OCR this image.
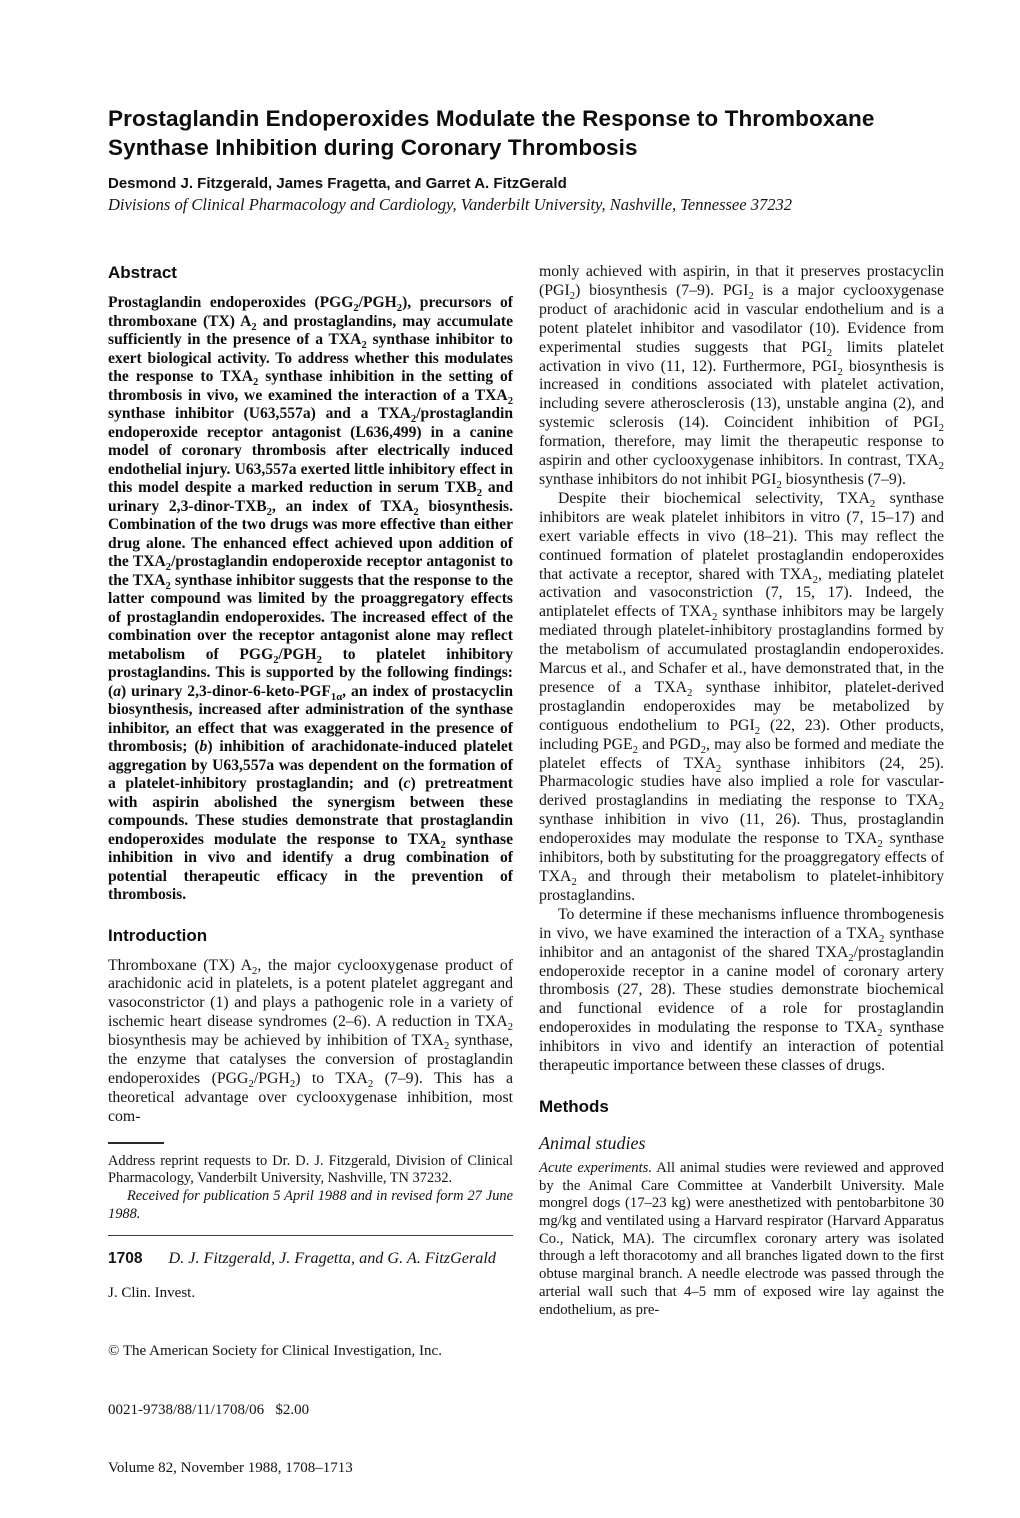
Prostaglandin Endoperoxides Modulate the Response to Thromboxane Synthase Inhibition during Coronary Thrombosis
Desmond J. Fitzgerald, James Fragetta, and Garret A. FitzGerald
Divisions of Clinical Pharmacology and Cardiology, Vanderbilt University, Nashville, Tennessee 37232
Abstract

Prostaglandin endoperoxides $(PGG_2/PGH_2)$, precursors of thromboxane (TX) $A_2$ and prostaglandins, may accumulate sufficiently in the presence of a $TXA_2$ synthase inhibitor to exert biological activity. To address whether this modulates the response to $TXA_2$ synthase inhibition in the setting of thrombosis in vivo, we examined the interaction of a $TXA_2$ synthase inhibitor (U63,557a) and a $TXA_2$/prostaglandin endoperoxide receptor antagonist (L636,499) in a canine model of coronary thrombosis after electrically induced endothelial injury. U63,557a exerted little inhibitory effect in this model despite a marked reduction in serum $TXB_2$ and urinary $2,3-dinor-TXB_2$, an index of $TXA_2$ biosynthesis. Combination of the two drugs was more effective than either drug alone. The enhanced effect achieved upon addition of the $TXA_2$/prostaglandin endoperoxide receptor antagonist to the $TXA_2$ synthase inhibitor suggests that the response to the latter compound was limited by the proaggregatory effects of prostaglandin endoperoxides. The increased effect of the combination over the receptor antagonist alone may reflect metabolism of $PGG_2/PGH_2$ to platelet inhibitory prostaglandins. This is supported by the following findings: (a) urinary $2,3-dinor-6-keto-PGF_{1\alpha}$, an index of prostacyclin biosynthesis, increased after administration of the synthase inhibitor, an effect that was exaggerated in the presence of thrombosis; (b) inhibition of arachidonate-induced platelet aggregation by U63,557a was dependent on the formation of a platelet-inhibitory prostaglandin; and (c) pretreatment with aspirin abolished the synergism between these compounds. These studies demonstrate that prostaglandin endoperoxides modulate the response to $TXA_2$ synthase inhibition in vivo and identify a drug combination of potential therapeutic efficacy in the prevention of thrombosis.

Introduction

Thromboxane (TX) $A_2$, the major cyclooxygenase product of arachidonic acid in platelets, is a potent platelet aggregant and vasoconstrictor (1) and plays a pathogenic role in a variety of ischemic heart disease syndromes (2–6). A reduction in $TXA_2$ biosynthesis may be achieved by inhibition of $TXA_2$ synthase, the enzyme that catalyses the conversion of prostaglandin endoperoxides $(PGG_2/PGH_2)$ to $TXA_2$ (7–9). This has a theoretical advantage over cyclooxygenase inhibition, most com-

Address reprint requests to Dr. D. J. Fitzgerald, Division of Clinical Pharmacology, Vanderbilt University, Nashville, TN 37232.

Received for publication 5 April 1988 and in revised form 27 June 1988.

J. Clin. Invest.

© The American Society for Clinical Investigation, Inc.

0021-9738/88/11/1708/06   $2.00

Volume 82, November 1988, 1708–1713

monly achieved with aspirin, in that it preserves prostacyclin $(PGI_2)$ biosynthesis (7–9). $PGI_2$ is a major cyclooxygenase product of arachidonic acid in vascular endothelium and is a potent platelet inhibitor and vasodilator (10). Evidence from experimental studies suggests that $PGI_2$ limits platelet activation in vivo (11, 12). Furthermore, $PGI_2$ biosynthesis is increased in conditions associated with platelet activation, including severe atherosclerosis (13), unstable angina (2), and systemic sclerosis (14). Coincident inhibition of $PGI_2$ formation, therefore, may limit the therapeutic response to aspirin and other cyclooxygenase inhibitors. In contrast, $TXA_2$ synthase inhibitors do not inhibit $PGI_2$ biosynthesis (7–9).

Despite their biochemical selectivity, $TXA_2$ synthase inhibitors are weak platelet inhibitors in vitro (7, 15–17) and exert variable effects in vivo (18–21). This may reflect the continued formation of platelet prostaglandin endoperoxides that activate a receptor, shared with $TXA_2$, mediating platelet activation and vasoconstriction (7, 15, 17). Indeed, the antiplatelet effects of $TXA_2$ synthase inhibitors may be largely mediated through platelet-inhibitory prostaglandins formed by the metabolism of accumulated prostaglandin endoperoxides. Marcus et al., and Schafer et al., have demonstrated that, in the presence of a $TXA_2$ synthase inhibitor, platelet-derived prostaglandin endoperoxides may be metabolized by contiguous endothelium to $PGI_2$ (22, 23). Other products, including $PGE_2$ and $PGD_2$, may also be formed and mediate the platelet effects of $TXA_2$ synthase inhibitors (24, 25). Pharmacologic studies have also implied a role for vascular-derived prostaglandins in mediating the response to $TXA_2$ synthase inhibition in vivo (11, 26). Thus, prostaglandin endoperoxides may modulate the response to $TXA_2$ synthase inhibitors, both by substituting for the proaggregatory effects of $TXA_2$ and through their metabolism to platelet-inhibitory prostaglandins.

To determine if these mechanisms influence thrombogenesis in vivo, we have examined the interaction of a $TXA_2$ synthase inhibitor and an antagonist of the shared $TXA_2$/prostaglandin endoperoxide receptor in a canine model of coronary artery thrombosis (27, 28). These studies demonstrate biochemical and functional evidence of a role for prostaglandin endoperoxides in modulating the response to $TXA_2$ synthase inhibitors in vivo and identify an interaction of potential therapeutic importance between these classes of drugs.

Methods
Animal studies

Acute experiments. All animal studies were reviewed and approved by the Animal Care Committee at Vanderbilt University. Male mongrel dogs (17–23 kg) were anesthetized with pentobarbitone 30 mg/kg and ventilated using a Harvard respirator (Harvard Apparatus Co., Natick, MA). The circumflex coronary artery was isolated through a left thoracotomy and all branches ligated down to the first obtuse marginal branch. A needle electrode was passed through the arterial wall such that 4–5 mm of exposed wire lay against the endothelium, as pre-

1708 D. J. Fitzgerald, J. Fragetta, and G. A. FitzGerald
